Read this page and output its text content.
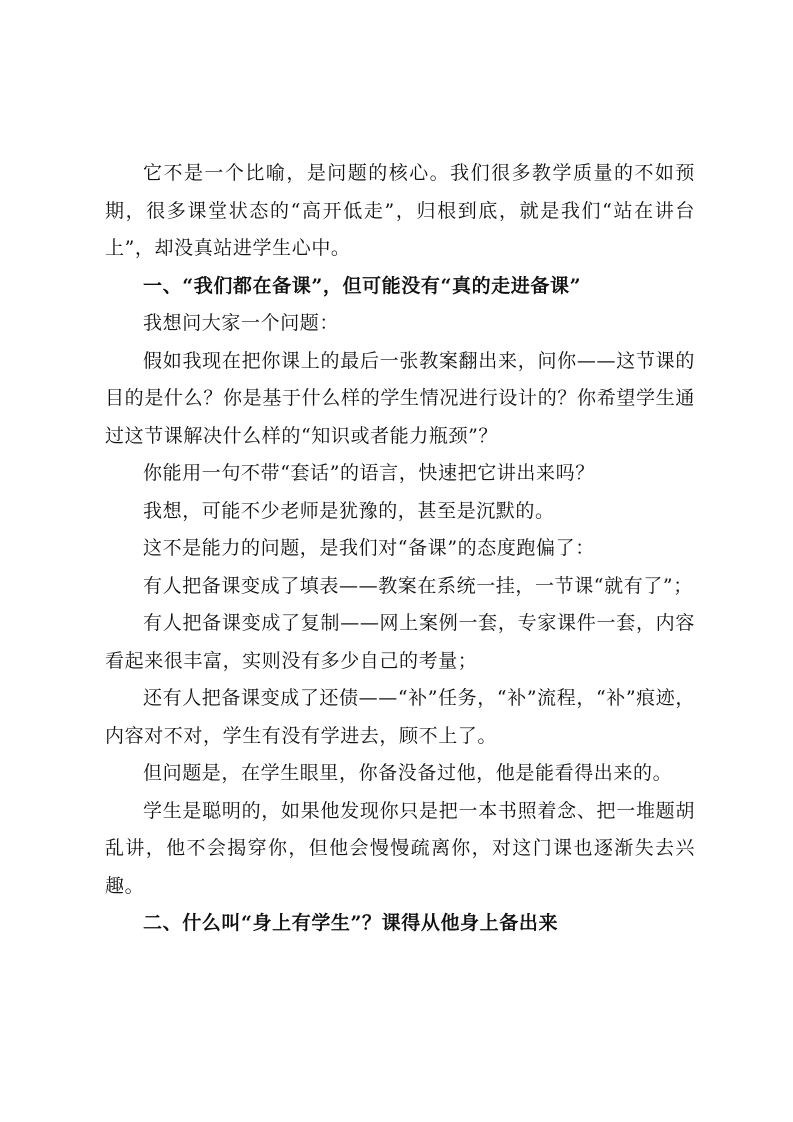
它不是一个比喻，是问题的核心。我们很多教学质量的不如预期，很多课堂状态的“高开低走”，归根到底，就是我们“站在讲台上”，却没真站进学生心中。

一、“我们都在备课”，但可能没有“真的走进备课”

我想问大家一个问题：

假如我现在把你课上的最后一张教案翻出来，问你——这节课的目的是什么？你是基于什么样的学生情况进行设计的？你希望学生通过这节课解决什么样的“知识或者能力瓶颈”？

你能用一句不带“套话”的语言，快速把它讲出来吗？

我想，可能不少老师是犹豫的，甚至是沉默的。

这不是能力的问题，是我们对“备课”的态度跑偏了：

有人把备课变成了填表——教案在系统一挂，一节课“就有了”；

有人把备课变成了复制——网上案例一套，专家课件一套，内容看起来很丰富，实则没有多少自己的考量；

还有人把备课变成了还债——“补”任务，“补”流程，“补”痕迹，内容对不对，学生有没有学进去，顾不上了。

但问题是，在学生眼里，你备没备过他，他是能看得出来的。

学生是聪明的，如果他发现你只是把一本书照着念、把一堆题胡乱讲，他不会揭穿你，但他会慢慢疏离你，对这门课也逐渐失去兴趣。

二、什么叫“身上有学生”？课得从他身上备出来
